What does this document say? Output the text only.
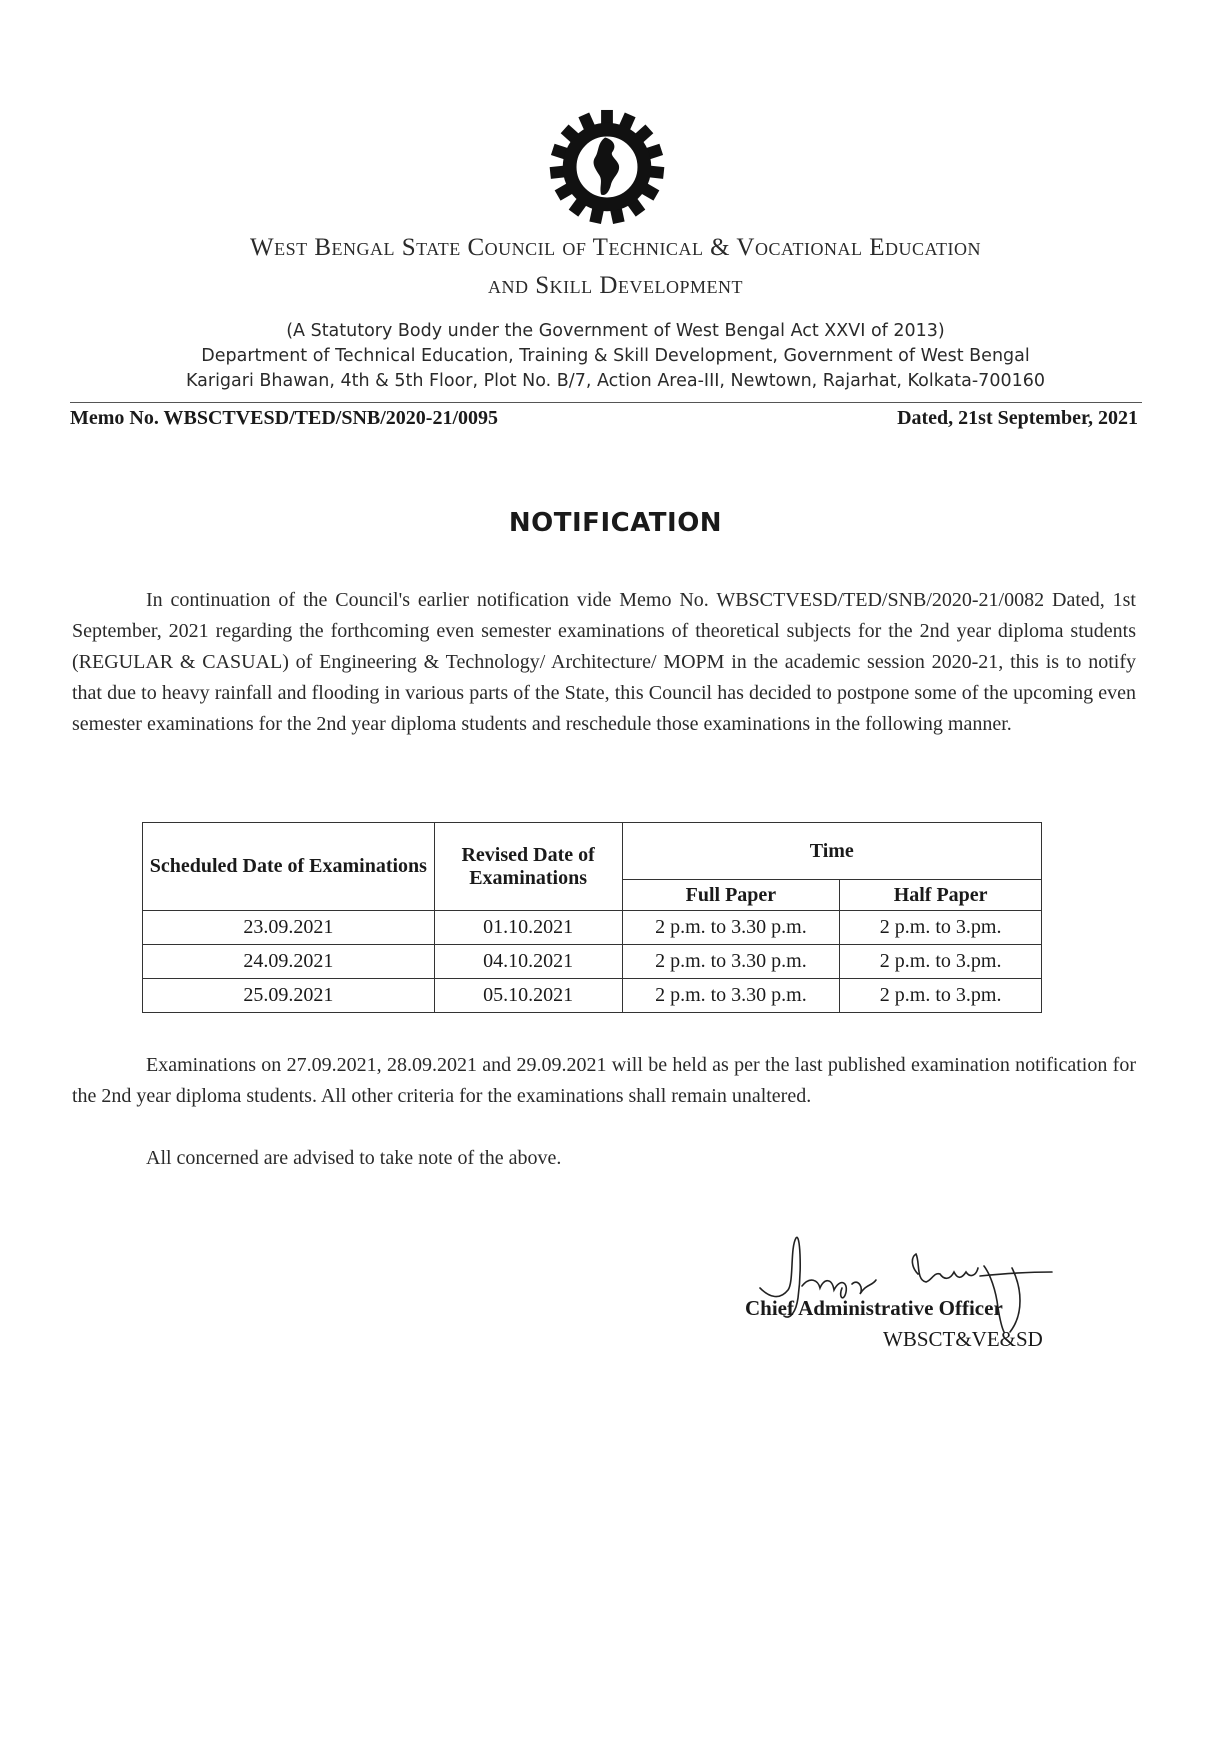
West Bengal State Council of Technical & Vocational Education
and Skill Development
(A Statutory Body under the Government of West Bengal Act XXVI of 2013)
Department of Technical Education, Training & Skill Development, Government of West Bengal
Karigari Bhawan, 4th & 5th Floor, Plot No. B/7, Action Area-III, Newtown, Rajarhat, Kolkata-700160
Memo No. WBSCTVESD/TED/SNB/2020-21/0095	Dated, 21st September, 2021
NOTIFICATION
In continuation of the Council's earlier notification vide Memo No. WBSCTVESD/TED/SNB/2020-21/0082 Dated, 1st September, 2021 regarding the forthcoming even semester examinations of theoretical subjects for the 2nd year diploma students (REGULAR & CASUAL) of Engineering & Technology/ Architecture/ MOPM in the academic session 2020-21, this is to notify that due to heavy rainfall and flooding in various parts of the State, this Council has decided to postpone some of the upcoming even semester examinations for the 2nd year diploma students and reschedule those examinations in the following manner.
Scheduled Date of Examinations	Revised Date of Examinations	Time	
		Full Paper	Half Paper
23.09.2021	01.10.2021	2 p.m. to 3.30 p.m.	2 p.m. to 3.pm.
24.09.2021	04.10.2021	2 p.m. to 3.30 p.m.	2 p.m. to 3.pm.
25.09.2021	05.10.2021	2 p.m. to 3.30 p.m.	2 p.m. to 3.pm.
Examinations on 27.09.2021, 28.09.2021 and 29.09.2021 will be held as per the last published examination notification for the 2nd year diploma students. All other criteria for the examinations shall remain unaltered.
All concerned are advised to take note of the above.
Chief Administrative Officer
WBSCT&VE&SD
